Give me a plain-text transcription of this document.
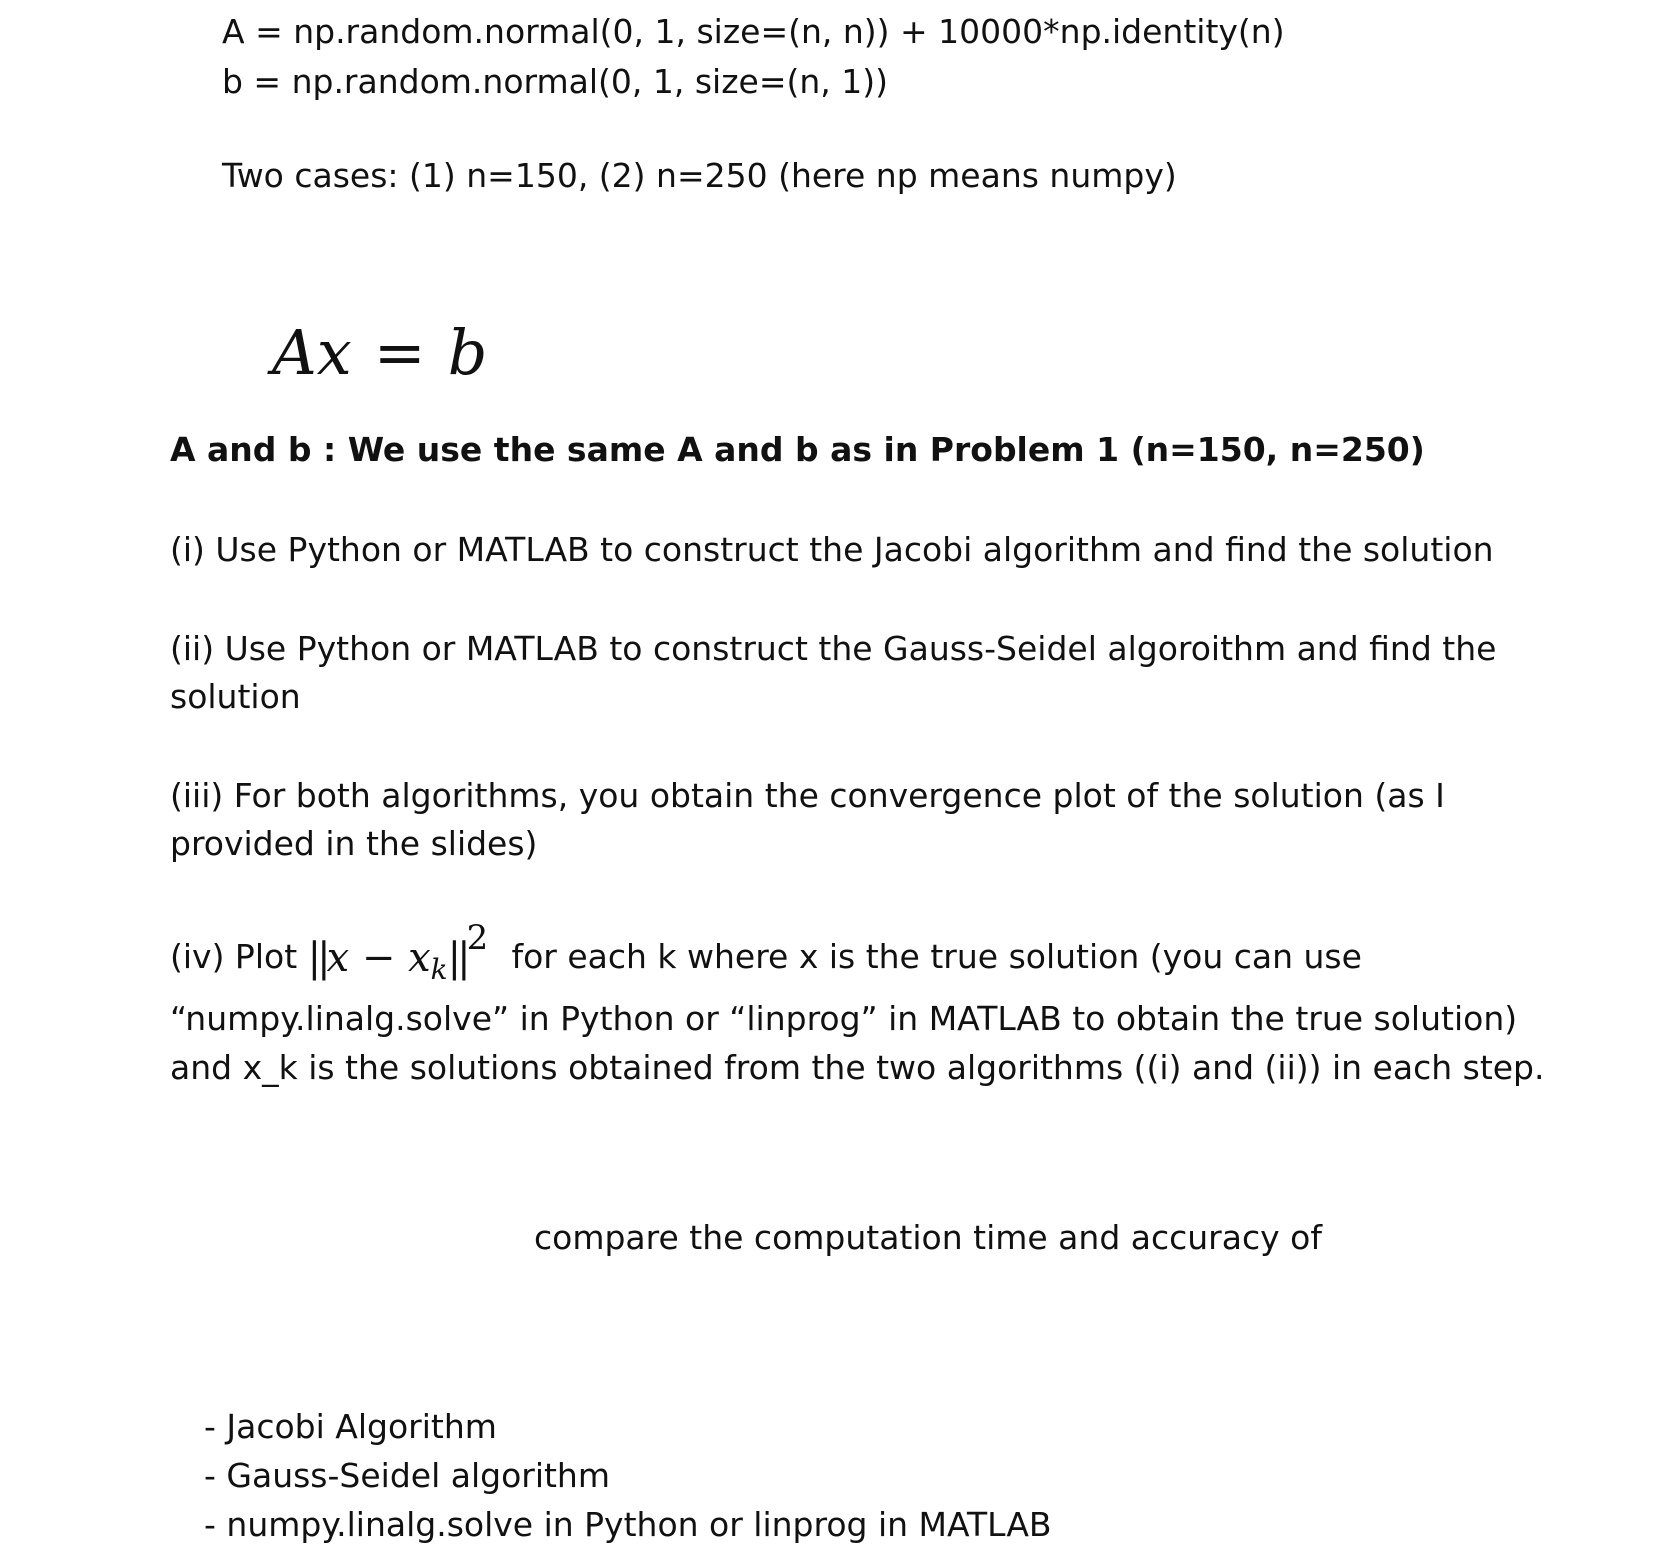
A = np.random.normal(0, 1, size=(n, n)) + 10000*np.identity(n)
b = np.random.normal(0, 1, size=(n, 1))
Two cases: (1) n=150, (2) n=250 (here np means numpy)
Ax = b
A and b : We use the same A and b as in Problem 1 (n=150, n=250)
(i) Use Python or MATLAB to construct the Jacobi algorithm and find the solution
(ii) Use Python or MATLAB to construct the Gauss-Seidel algoroithm and find the solution
(iii) For both algorithms, you obtain the convergence plot of the solution (as I provided in the slides)
(iv) Plot $||x - x_k||^2$ for each k where x is the true solution (you can use “numpy.linalg.solve” in Python or “linprog” in MATLAB to obtain the true solution) and x_k is the solutions obtained from the two algorithms ((i) and (ii)) in each step.
compare the computation time and accuracy of
- Jacobi Algorithm
- Gauss-Seidel algorithm
- numpy.linalg.solve in Python or linprog in MATLAB
